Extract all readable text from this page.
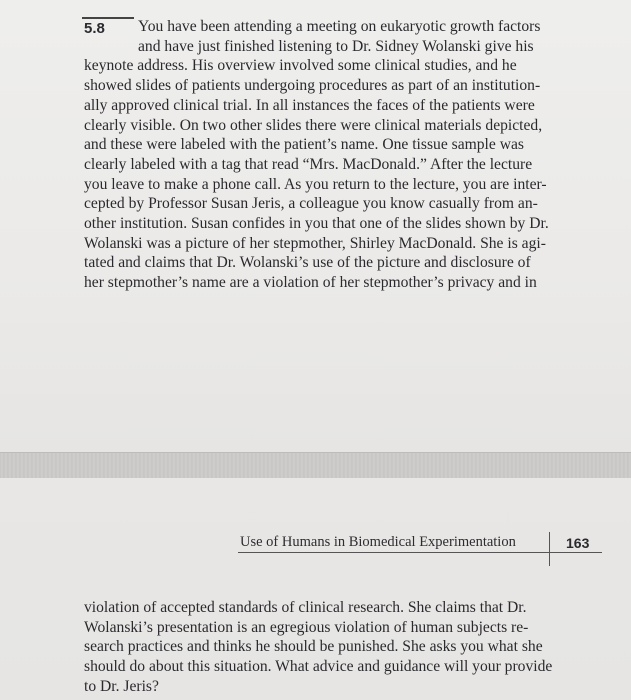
5.8	You have been attending a meeting on eukaryotic growth factors
and have just finished listening to Dr. Sidney Wolanski give his
keynote address. His overview involved some clinical studies, and he
showed slides of patients undergoing procedures as part of an institution-
ally approved clinical trial. In all instances the faces of the patients were
clearly visible. On two other slides there were clinical materials depicted,
and these were labeled with the patient’s name. One tissue sample was
clearly labeled with a tag that read “Mrs. MacDonald.” After the lecture
you leave to make a phone call. As you return to the lecture, you are inter-
cepted by Professor Susan Jeris, a colleague you know casually from an-
other institution. Susan confides in you that one of the slides shown by Dr.
Wolanski was a picture of her stepmother, Shirley MacDonald. She is agi-
tated and claims that Dr. Wolanski’s use of the picture and disclosure of
her stepmother’s name are a violation of her stepmother’s privacy and in
Use of Humans in Biomedical Experimentation	163
violation of accepted standards of clinical research. She claims that Dr.
Wolanski’s presentation is an egregious violation of human subjects re-
search practices and thinks he should be punished. She asks you what she
should do about this situation. What advice and guidance will your provide
to Dr. Jeris?
